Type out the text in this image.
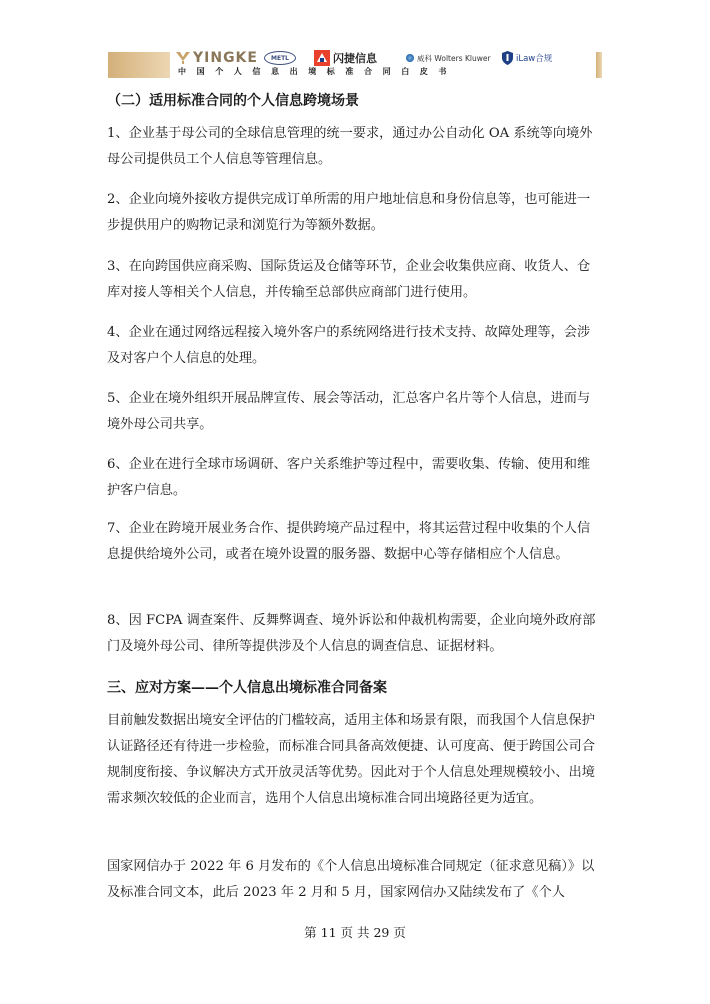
YINGKE	METL	闪捷信息	威科 Wolters Kluwer	iLaw合规
中国个人信息出境标准合同白皮书
（二）适用标准合同的个人信息跨境场景

1、企业基于母公司的全球信息管理的统一要求，通过办公自动化 OA 系统等向境外母公司提供员工个人信息等管理信息。

2、企业向境外接收方提供完成订单所需的用户地址信息和身份信息等，也可能进一步提供用户的购物记录和浏览行为等额外数据。

3、在向跨国供应商采购、国际货运及仓储等环节，企业会收集供应商、收货人、仓库对接人等相关个人信息，并传输至总部供应商部门进行使用。

4、企业在通过网络远程接入境外客户的系统网络进行技术支持、故障处理等，会涉及对客户个人信息的处理。

5、企业在境外组织开展品牌宣传、展会等活动，汇总客户名片等个人信息，进而与境外母公司共享。

6、企业在进行全球市场调研、客户关系维护等过程中，需要收集、传输、使用和维护客户信息。

7、企业在跨境开展业务合作、提供跨境产品过程中，将其运营过程中收集的个人信息提供给境外公司，或者在境外设置的服务器、数据中心等存储相应个人信息。

8、因 FCPA 调查案件、反舞弊调查、境外诉讼和仲裁机构需要，企业向境外政府部门及境外母公司、律所等提供涉及个人信息的调查信息、证据材料。

三、应对方案——个人信息出境标准合同备案

目前触发数据出境安全评估的门槛较高，适用主体和场景有限，而我国个人信息保护认证路径还有待进一步检验，而标准合同具备高效便捷、认可度高、便于跨国公司合规制度衔接、争议解决方式开放灵活等优势。因此对于个人信息处理规模较小、出境需求频次较低的企业而言，选用个人信息出境标准合同出境路径更为适宜。

国家网信办于 2022 年 6 月发布的《个人信息出境标准合同规定（征求意见稿）》以及标准合同文本，此后 2023 年 2 月和 5 月，国家网信办又陆续发布了《个人

第 11 页 共 29 页
